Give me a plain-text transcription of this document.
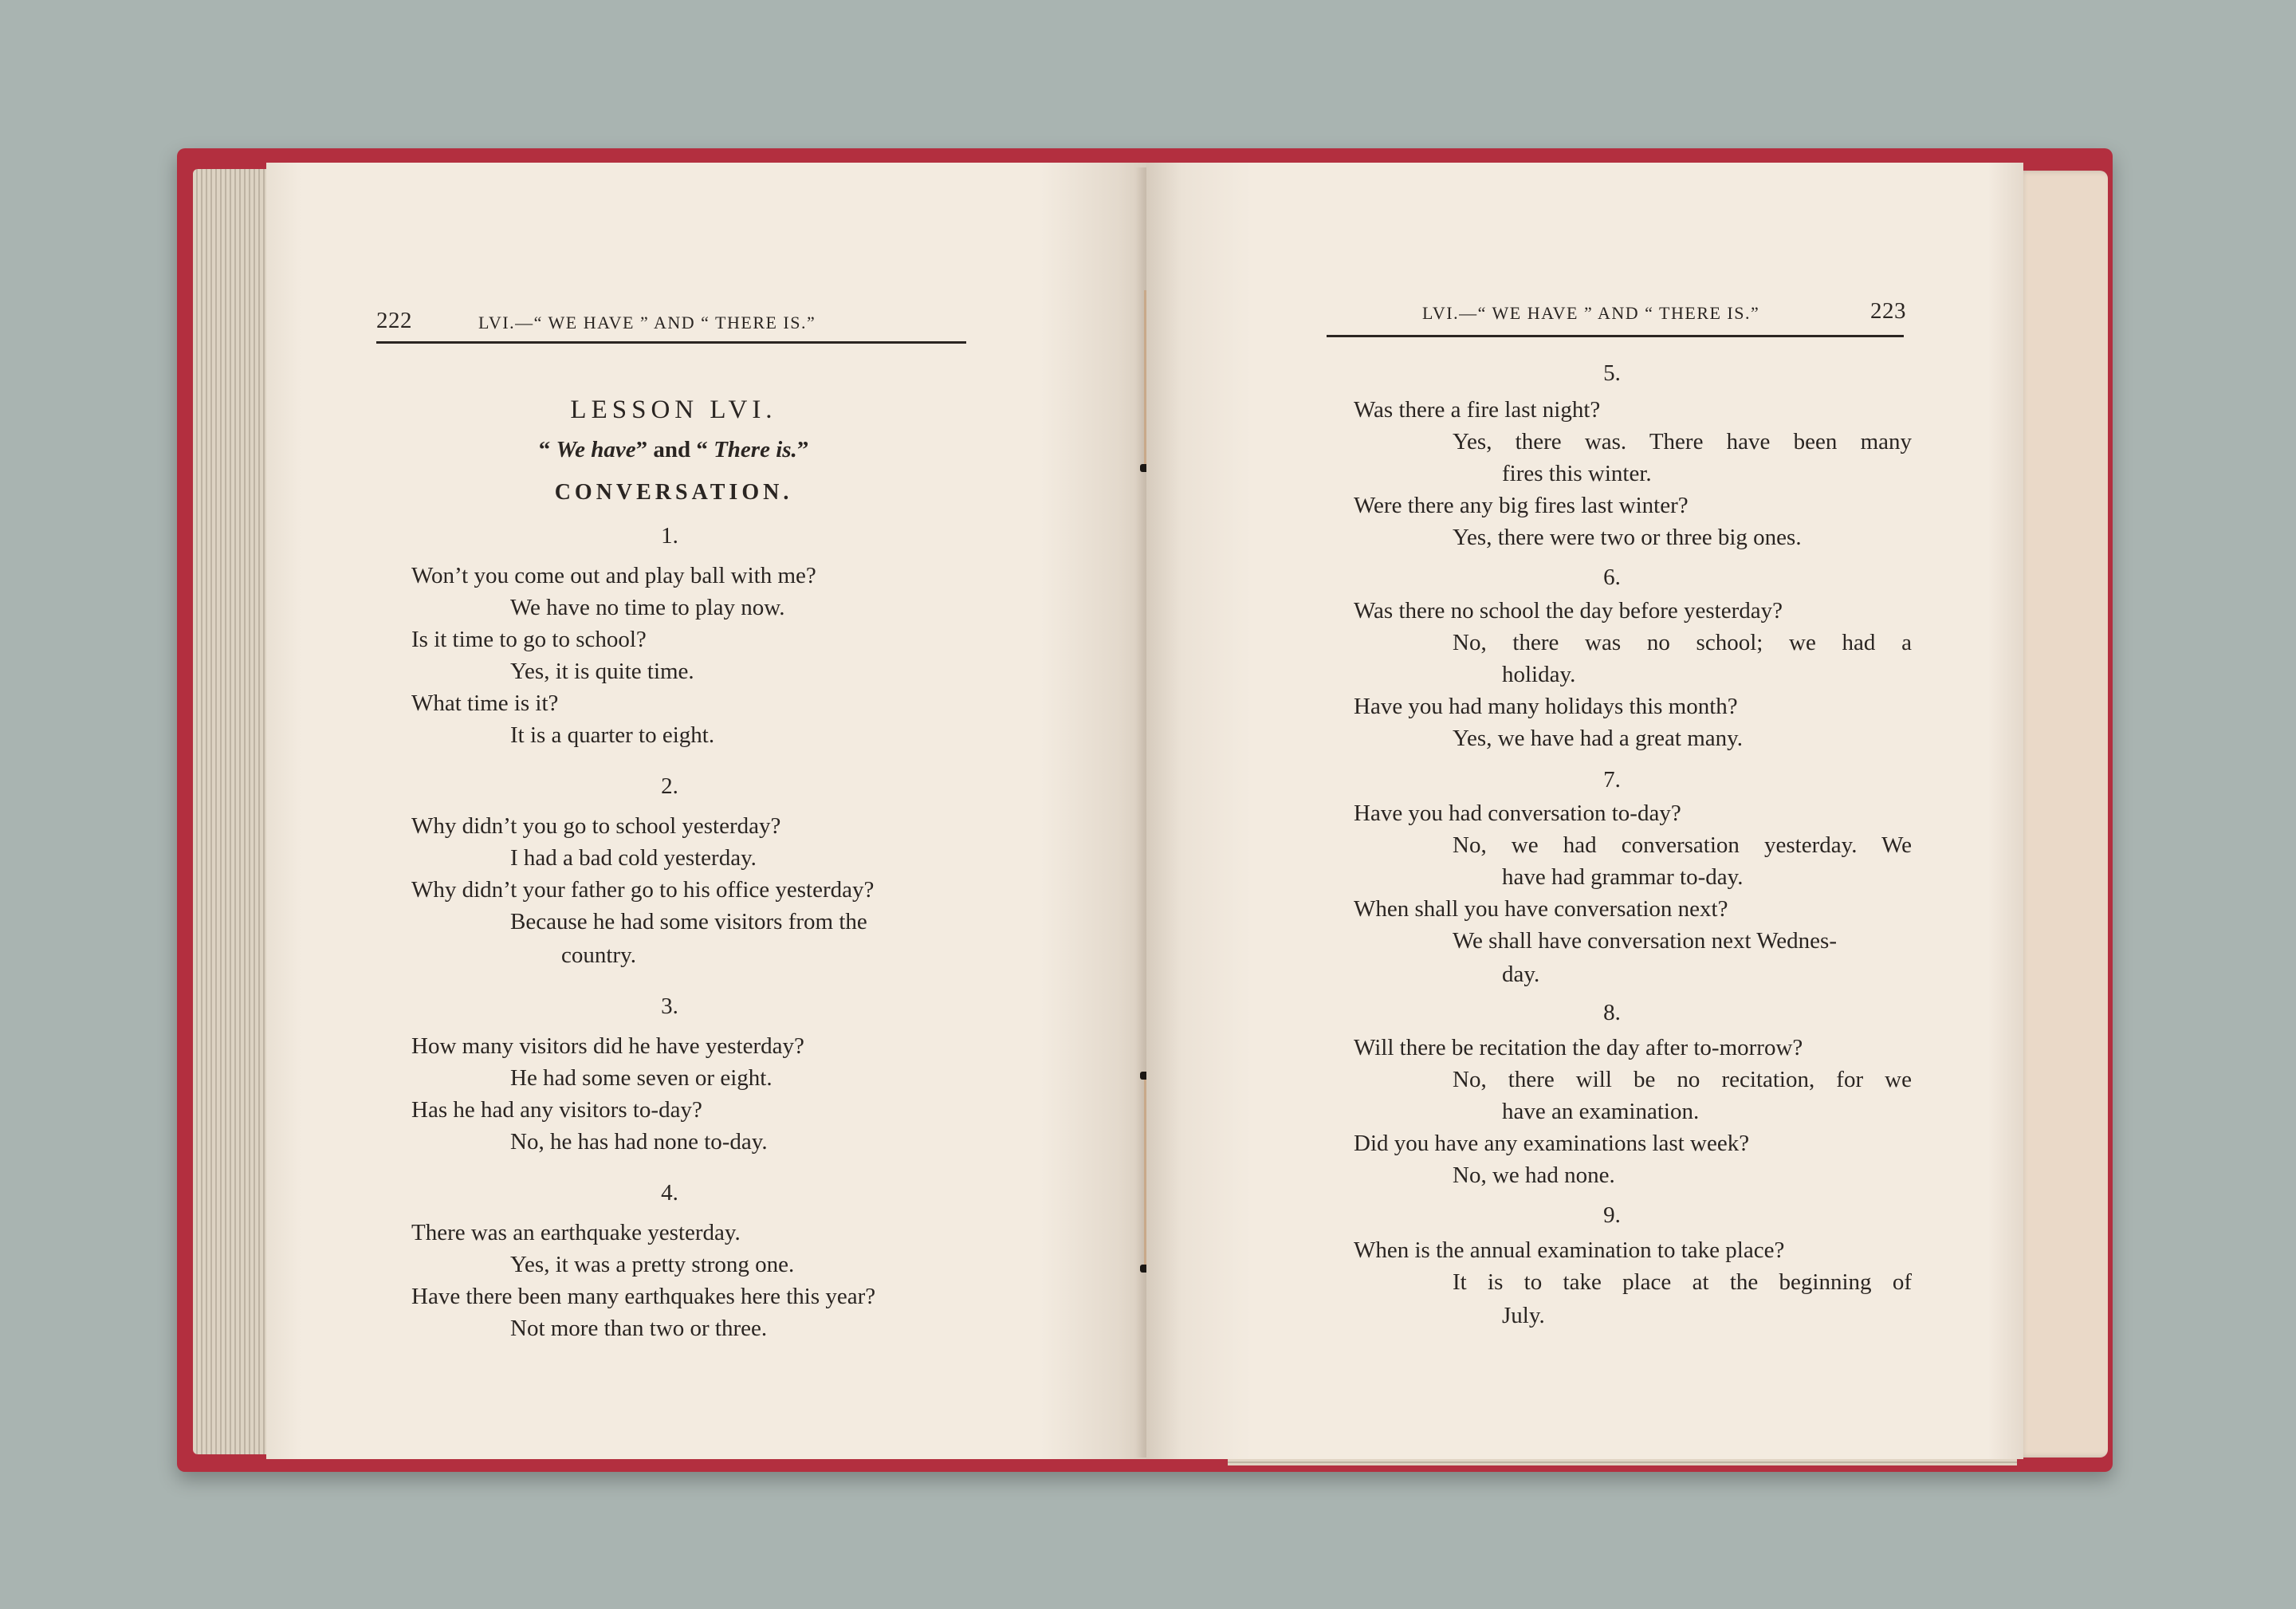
222	LVI.—“ WE HAVE ” AND “ THERE IS.”
LESSON LVI.
“ We have” and “ There is.”
CONVERSATION.
1.
Won’t you come out and play ball with me?
We have no time to play now.
Is it time to go to school?
Yes, it is quite time.
What time is it?
It is a quarter to eight.
2.
Why didn’t you go to school yesterday?
I had a bad cold yesterday.
Why didn’t your father go to his office yesterday?
Because he had some visitors from the
country.
3.
How many visitors did he have yesterday?
He had some seven or eight.
Has he had any visitors to-day?
No, he has had none to-day.
4.
There was an earthquake yesterday.
Yes, it was a pretty strong one.
Have there been many earthquakes here this year?
Not more than two or three.
LVI.—“ WE HAVE ” AND “ THERE IS.”	223
5.
Was there a fire last night?
Yes, there was. There have been many
fires this winter.
Were there any big fires last winter?
Yes, there were two or three big ones.
6.
Was there no school the day before yesterday?
No, there was no school; we had a
holiday.
Have you had many holidays this month?
Yes, we have had a great many.
7.
Have you had conversation to-day?
No, we had conversation yesterday. We
have had grammar to-day.
When shall you have conversation next?
We shall have conversation next Wednes-
day.
8.
Will there be recitation the day after to-morrow?
No, there will be no recitation, for we
have an examination.
Did you have any examinations last week?
No, we had none.
9.
When is the annual examination to take place?
It is to take place at the beginning of
July.
